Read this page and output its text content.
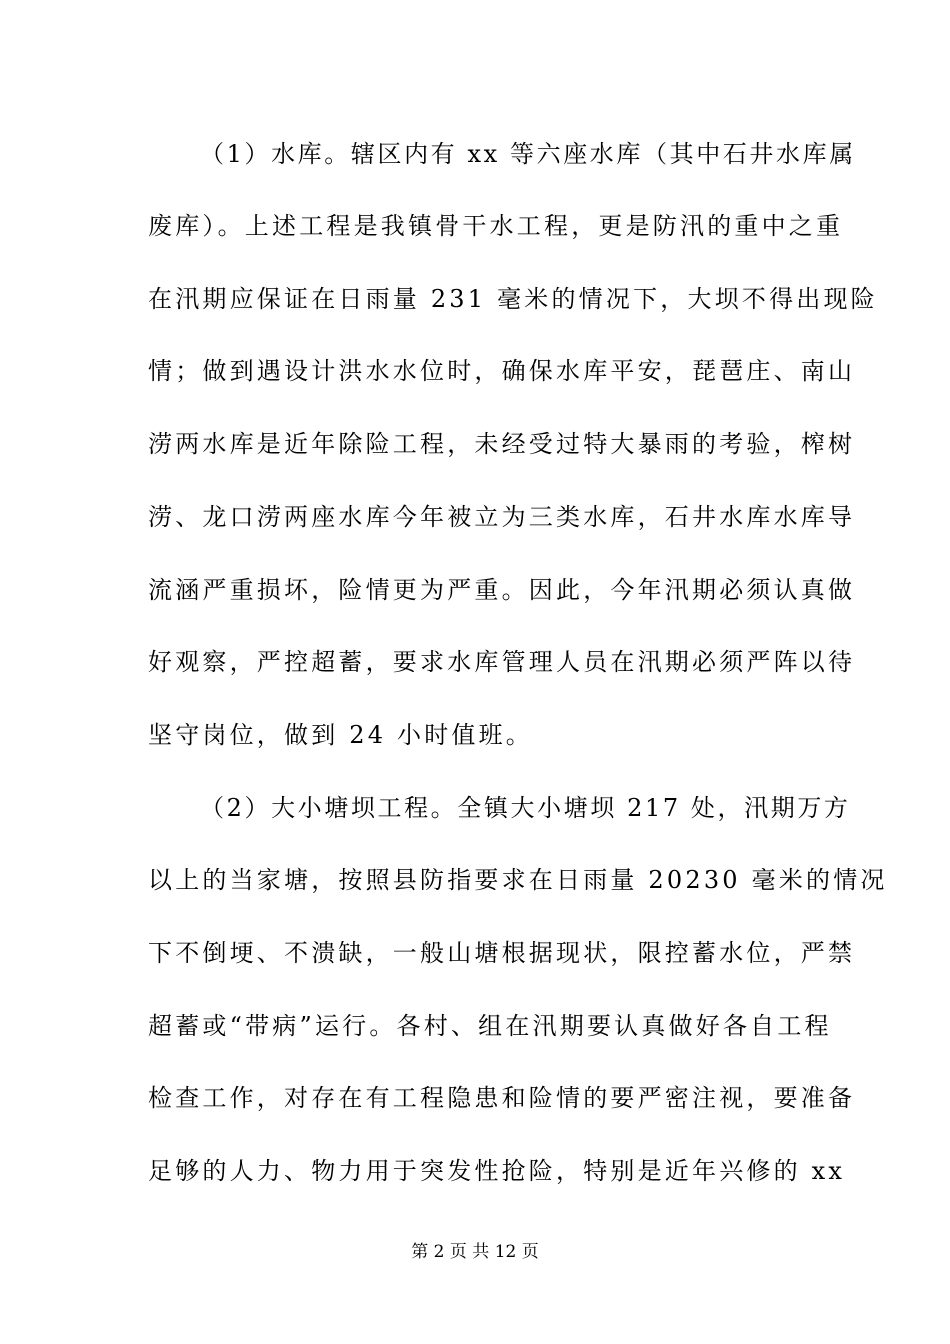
（1）水库。辖区内有 xx 等六座水库（其中石井水库属
废库）。上述工程是我镇骨干水工程，更是防汛的重中之重
在汛期应保证在日雨量 231 毫米的情况下，大坝不得出现险
情；做到遇设计洪水水位时，确保水库平安，琵琶庄、南山
涝两水库是近年除险工程，未经受过特大暴雨的考验，榨树
涝、龙口涝两座水库今年被立为三类水库，石井水库水库导
流涵严重损坏，险情更为严重。因此，今年汛期必须认真做
好观察，严控超蓄，要求水库管理人员在汛期必须严阵以待
坚守岗位，做到 24 小时值班。
（2）大小塘坝工程。全镇大小塘坝 217 处，汛期万方
以上的当家塘，按照县防指要求在日雨量 20230 毫米的情况
下不倒埂、不溃缺，一般山塘根据现状，限控蓄水位，严禁
超蓄或“带病”运行。各村、组在汛期要认真做好各自工程
检查工作，对存在有工程隐患和险情的要严密注视，要准备
足够的人力、物力用于突发性抢险，特别是近年兴修的 xx
第 2 页 共 12 页
